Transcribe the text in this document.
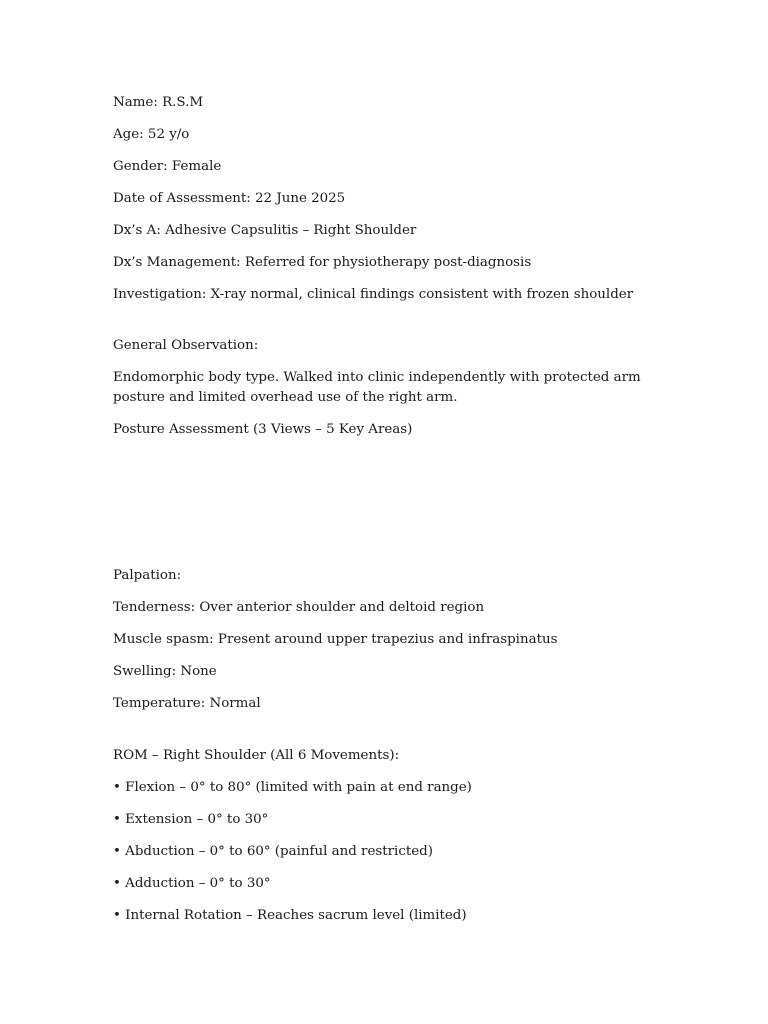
Name: R.S.M

Age: 52 y/o

Gender: Female

Date of Assessment: 22 June 2025

Dx’s A: Adhesive Capsulitis – Right Shoulder

Dx’s Management: Referred for physiotherapy post-diagnosis

Investigation: X-ray normal, clinical findings consistent with frozen shoulder

General Observation:

Endomorphic body type. Walked into clinic independently with protected arm posture and limited overhead use of the right arm.

Posture Assessment (3 Views – 5 Key Areas)

Palpation:

Tenderness: Over anterior shoulder and deltoid region

Muscle spasm: Present around upper trapezius and infraspinatus

Swelling: None

Temperature: Normal

ROM – Right Shoulder (All 6 Movements):

• Flexion – 0° to 80° (limited with pain at end range)

• Extension – 0° to 30°

• Abduction – 0° to 60° (painful and restricted)

• Adduction – 0° to 30°

• Internal Rotation – Reaches sacrum level (limited)
